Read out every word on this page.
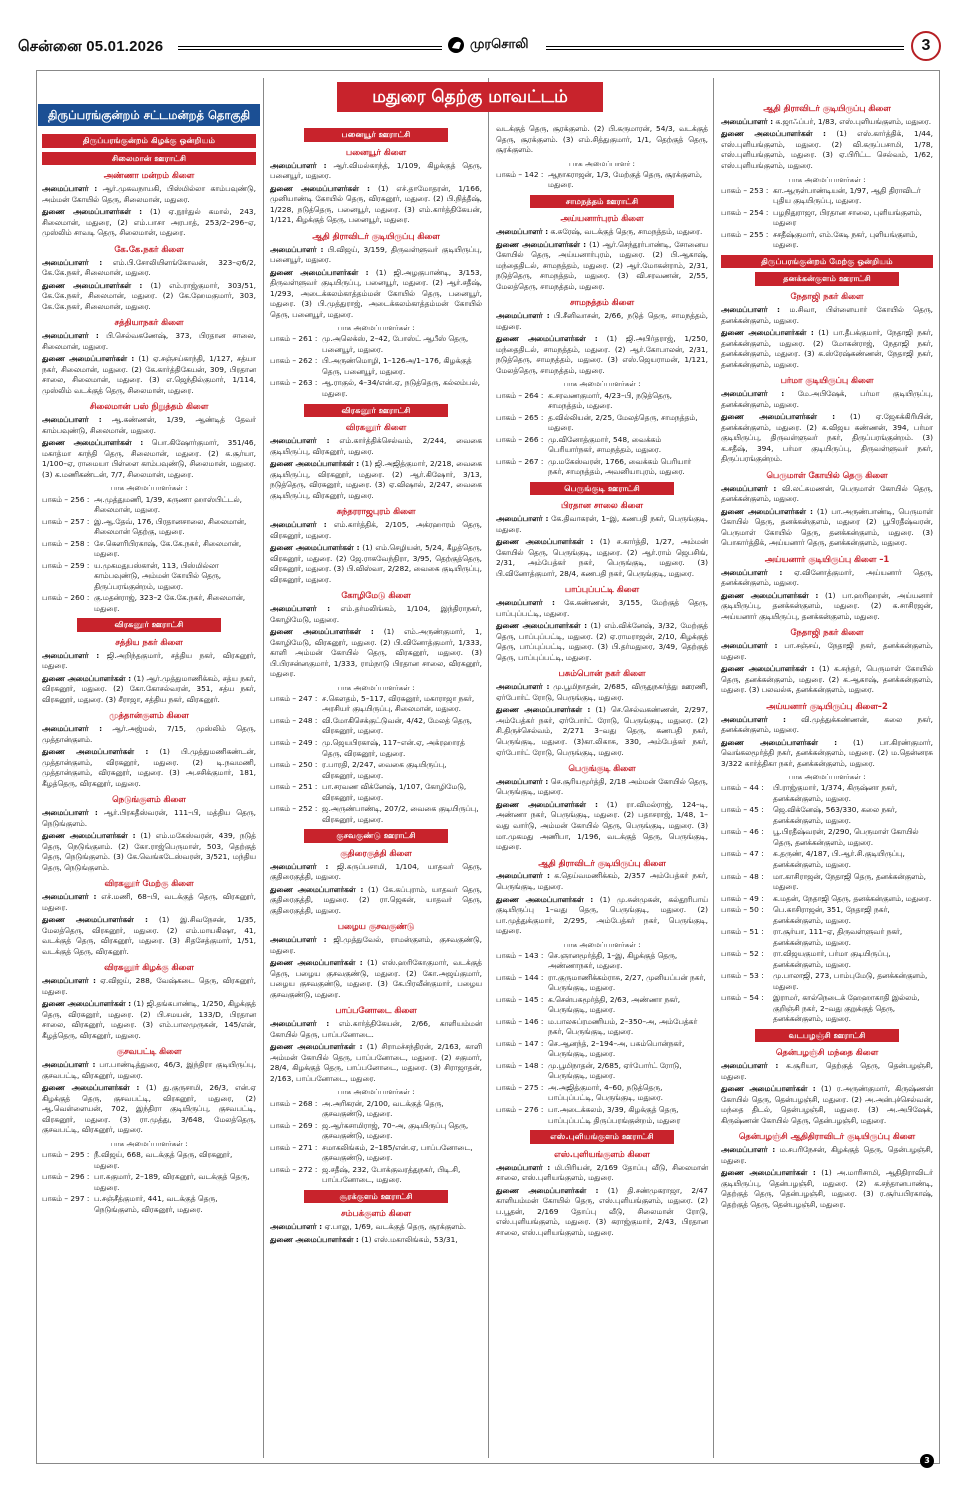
சென்னை 05.01.2026	முரசொலி	3
மதுரை தெற்கு மாவட்டம்
திருப்பரங்குன்றம் சட்டமன்றத் தொகுதி
திருப்பரங்குன்றம் கிழக்கு ஒன்றியம்
சிலைமான் ஊராட்சி
அண்ணா மன்றம் கிளை

அமைப்பாளர் : ஆர்.முகவநாயகி, பிஸ்மில்லா காம்பவுண்டு, அம்மன் கோயில் தெரு, சிலைமான், மதுரை.

துணை அமைப்பாளர்கள் : (1) ஏ.நூர்துல் கமால், 243, சிலைமான், மதுரை, (2) எம்.பாசா அரபாத், 253/2–296–ஏ, முஸ்லிம் சாவடி தெரு, சிலைமான், மதுரை.

கே.கே.நகர் கிளை

அமைப்பாளர் : எம்.பி.சோலியிளங்கோவன், 323–ஏ6/2, கே.கே.நகர், சிலைமான், மதுரை.

துணை அமைப்பாளர்கள் : (1) எம்.ராஜ்குமார், 303/51, கே.கே.நகர், சிலைமான், மதுரை. (2) கே.ஹேமகுமார், 303, கே.கே.நகர், சிலைமான், மதுரை.

சத்தியாநகர் கிளை

அமைப்பாளர் : பி.செல்வகணேஷ், 373, பிரதான சாலை, சிலைமான், மதுரை.

துணை அமைப்பாளர்கள் : (1) ஏ.சஞ்சய்காந்தி, 1/127, சத்யா நகர், சிலைமான், மதுரை. (2) கே.கார்த்திகேயன், 309, பிரதான சாலை, சிலைமான், மதுரை. (3) எ.ஜெந்தில்குமார், 1/114, முஸ்லிம் வடக்குத் தெரு, சிலைமான், மதுரை.

சிலைமான் பஸ் நிறுத்தம் கிளை

அமைப்பாளர் : ஆ.கண்ணன், 1/39, ஆண்டித் தேவர் காம்பவுண்டு, சிலைமான், மதுரை.

துணை அமைப்பாளர்கள் : பொ.கிஷோர்குமார், 351/46, மகாத்மா காந்தி தெரு, சிலைமான், மதுரை. (2) க.சூர்யா, 1/100–ஏ, ராமையா பிள்ளை காம்பவுண்டு, சிலைமான், மதுரை. (3) க.மணிகண்டன், 7/7, சிலைமான், மதுரை.

பாக அமைப்பாளர்கள் :
பாகம் – 256 : அ.முத்துமணி, 1/39, கருணா ஹாஸ்பிட்டல், சிலைமான், மதுரை.
பாகம் – 257 : இ.ஆ.தேவ், 176, பிரதானசாலை, சிலைமான், சிலைமான் தெற்கு, மதுரை.
பாகம் – 258 : சே.கௌரிபிரகாஷ், கே.கே.நகர், சிலைமான், மதுரை.
பாகம் – 259 : ய.முகமதுபஸ்கான், 113, பிஸ்மில்லா காம்பவுண்டு, அம்மன் கோயில் தெரு, திருப்பரங்குன்றம், மதுரை.
பாகம் – 260 : கு.மதன்ராஜ், 323–2 கே.கே.நகர், சிலைமான், மதுரை.
விரகனூர் ஊராட்சி
சத்திய நகர் கிளை

அமைப்பாளர் : ஜி.அறிந்தகுமார், சத்திய நகர், விரகனூர், மதுரை.

துணை அமைப்பாளர்கள் : (1) ஆர்.முத்துமாணிக்கம், சத்ய நகர், விரகனூர், மதுரை. (2) கோ.கோசல்வரன், 351, சத்ய நகர், விரகனூர், மதுரை. (3) சீராஜா, சத்திய நகர், விரகனூர்.

முத்தான்குளம் கிளை

அமைப்பாளர் : ஆர்.அஜ்மல், 7/15, முஸ்லிம் தெரு, முத்தான்குளம்.

துணை அமைப்பாளர்கள் : (1) பி.முத்துமணிகண்டன், முத்தான்குளம், விரகனூர், மதுரை. (2) டி.நவமணி, முத்தான்குளம், விரகனூர், மதுரை. (3) அ.சசிக்குமார், 181, கீழத்தெரு, விரகனூர், மதுரை.

நெடுங்குளம் கிளை

அமைப்பாளர் : ஆர்.பிரகதீஸ்வரன், 111–பி, மத்திய தெரு, நெடுங்குளம்.

துணை அமைப்பாளர்கள் : (1) எம்.மகேஸ்வரன், 439, நடுத் தெரு, நெடுங்குளம். (2) கோ.ராஜ்பெருமாள், 503, தெற்குத் தெரு, நெடுங்குளம். (3) கே.வெங்கடேஸ்வரன், 3/521, மந்திய தெரு, நெடுங்குளம்.

விரகனூர் மேற்கு கிளை

அமைப்பாளர் : எச்.மணி, 68–பி, வடக்குத் தெரு, விரகனூர், மதுரை.

துணை அமைப்பாளர்கள் : (1) இ.சிவநேசன், 1/35, மேலத்தெரு, விரகனூர், மதுரை. (2) எம்.மாயகிஷா, 41, வடக்குத் தெரு, விரகனூர், மதுரை. (3) சிதசேத்குமார், 1/51, வடக்குத் தெரு, விரகனூர்.

விரகனூர் கிழக்கு கிளை

அமைப்பாளர் : ஏ.விஜய், 288, வேஷ்கடை தெரு, விரகனூர், மதுரை.

துணை அமைப்பாளர்கள் : (1) ஜி.தங்கபாண்டி, 1/250, கிழக்குத் தெரு, விரகனூர், மதுரை. (2) பி.சமயன், 133/D, பிரதான சாலை, விரகனூர், மதுரை. (3) எம்.பாலமுருகன், 145/என், கீழத்தெரு, விரகனூர், மதுரை.

குசவபட்டி கிளை

அமைப்பாளர் : பா.பாண்டித்துரை, 46/3, இந்திரா குடியிருப்பு, குசவபட்டி, விரகனூர், மதுரை.

துணை அமைப்பாளர்கள் : (1) து.குருசாமி, 26/3, என்.ஏ கிழக்குத் தெரு, குசவபட்டி, விரகனூர், மதுரை, (2) ஆ.வெள்ளையன், 702, இந்திரா குடியிருப்பு, குசவபட்டி, விரகனூர், மதுரை. (3) ரா.முத்து, 3/648, மேலத்தெரு, குசவபட்டி, விரகனூர், மதுரை.

பாக அமைப்பாளர்கள் :
பாகம் – 295 : நீ.விஜய், 668, வடக்குத் தெரு, விரகனூர், மதுரை.
பாகம் – 296 : பா.சுகுமார், 2–189, விரகனூர், வடக்குத் தெரு, மதுரை.
பாகம் – 297 : ப.சஞ்சீத்குமார், 441, வடக்குத் தெரு, நெடுங்குளம், விரகனூர், மதுரை.
பனையூர் ஊராட்சி
பனையூர் கிளை

அமைப்பாளர் : ஆர்.விமல்காந்த், 1/109, கிழக்குத் தெரு, பனையூர், மதுரை.

துணை அமைப்பாளர்கள் : (1) எச்.தாமோதரன், 1/166, முனியாண்டி கோயில் தெரு, விரகனூர், மதுரை. (2) பி.நித்தீஷ், 1/228, நடுத்தெரு, பனையூர், மதுரை. (3) எம்.கார்த்திகேயன், 1/121, கிழக்குத் தெரு, பனையூர், மதுரை.

ஆதி திராவிடர் குடியிருப்பு கிளை

அமைப்பாளர் : பி.விஜய், 3/159, திருவள்ளுவர் குடியிருப்பு, பனையூர், மதுரை.

துணை அமைப்பாளர்கள் : (1) ஜி.அழகுபாண்டி, 3/153, திருவள்ளுவர் குடியிருப்பு, பனையூர், மதுரை. (2) ஆர்.சதீஷ், 1/293, அடைக்கலம்காத்தம்மன் கோயில் தெரு, பனையூர், மதுரை. (3) பி.முத்துராஜ், அடைக்கலம்காத்தம்மன் கோயில் தெரு, பனையூர், மதுரை.

பாக அமைப்பாளர்கள் :
பாகம் – 261 : மு.அலெக்ஸ், 2–42, போஸ்ட் ஆபீஸ் தெரு, பனையூர், மதுரை.
பாகம் – 262 : பி.அருண்மொழி, 1–126அ/1–176, கிழக்குத் தெரு, பனையூர், மதுரை.
பாகம் – 263 : ஆ.ராகுல், 4–34/என்.ஏ, நடுத்தெரு, கல்லம்பல், மதுரை.
விரகனூர் ஊராட்சி
விரகனூர் கிளை

அமைப்பாளர் : எம்.கார்த்திக்செல்வம், 2/244, வைகை குடியிருப்பு, விரகனூர், மதுரை.

துணை அமைப்பாளர்கள் : (1) ஜி.அஜித்குமார், 2/218, வைகை குடியிருப்பு, விரகனூர், மதுரை. (2) ஆர்.கிஷோர், 3/13, நடுத்தெரு, விரகனூர், மதுரை. (3) ஏ.விஷால், 2/247, வைகை குடியிருப்பு, விரகனூர், மதுரை.

சுந்தரராஜபுரம் கிளை

அமைப்பாளர் : எம்.கார்த்திக், 2/105, அக்ரஹாரம் தெரு, விரகனூர், மதுரை.

துணை அமைப்பாளர்கள் : (1) எம்.செழியன், 5/24, கீழத்தெரு, விரகனூர், மதுரை. (2) ஜே.ராகவேந்திரா, 3/95, தெற்குத்தெரு, விரகனூர், மதுரை. (3) பி.விஸ்வா, 2/282, வைகை குடியிருப்பு, விரகனூர், மதுரை.

கோழிமேடு கிளை

அமைப்பாளர் : எம்.தர்மலிங்கம், 1/104, இந்திராநகர், கோழிமேடு, மதுரை.

துணை அமைப்பாளர்கள் : (1) எம்.அருண்குமார், 1, கோழிமேடு, விரகனூர், மதுரை. (2) பி.வினோத்குமார், 1/333, காளி அம்மன் கோயில் தெரு, விரகனூர், மதுரை. (3) பி.பிரசன்னகுமார், 1/333, ராம்நாடு பிரதான சாலை, விரகனூர், மதுரை.

பாக அமைப்பாளர்கள் :
பாகம் – 247 : ச.கௌதம், 5–117, விரகனூர், மகாராஜா நகர், அரசியர் குடியிருப்பு, சிலைமான், மதுரை.
பாகம் – 248 : வி.மோகிசெக்குட்டுவன், 4/42, மேலத் தெரு, விரகனூர், மதுரை.
பாகம் – 249 : மு.ஜெயபிரகாஷ், 117–என்.ஏ, அக்ரஹாரத் தெரு, விரகனூர், மதுரை.
பாகம் – 250 : ர.பாரதி, 2/247, வைகை குடியிருப்பு, விரகனூர், மதுரை.
பாகம் – 251 : பா.சரவண விக்னேஷ், 1/107, கோழிமேடு, விரகனூர், மதுரை.
பாகம் – 252 : ஜ.அருண்பாண்டி, 207/2, வைகை குடியிருப்பு, விரகனூர், மதுரை.
குசவகுண்டு ஊராட்சி
குதிரைகுத்தி கிளை

அமைப்பாளர் : ஜி.கருப்பசாமி, 1/104, யாதவர் தெரு, குதிரைகுத்தி, மதுரை.

துணை அமைப்பாளர்கள் : (1) கே.கப்புராம், யாதவர் தெரு, குதிரைகுத்தி, மதுரை. (2) ரா.ஜெகன், யாதவர் தெரு, குதிரைகுத்தி, மதுரை.

பழைய குசவகுண்டு

அமைப்பாளர் : ஜி.முத்துவேல், ராமன்குளம், குசவகுண்டு, மதுரை.

துணை அமைப்பாளர்கள் : (1) எஸ்.ஹரிகோகுமார், வடக்குத் தெரு, பழைய குசவகுண்டு, மதுரை. (2) கோ.அஜய்குமார், பழைய குசவகுண்டு, மதுரை. (3) கே.பிரவீன்குமார், பழைய குசவகுண்டு, மதுரை.

பாப்பனோடை கிளை

அமைப்பாளர் : எம்.கார்த்திகேயன், 2/66, காளியம்மன் கோயில் தெரு, பாப்பனோடை.

துணை அமைப்பாளர்கள் : (1) சிராமச்சந்திரன், 2/163, காளி அம்மன் கோயில் தெரு, பாப்பனோடை, மதுரை. (2) சகுமார், 28/4, கிழக்குத் தெரு, பாப்பனோடை, மதுரை. (3) சிராஜாதன், 2/163, பாப்பனோடை, மதுரை.

பாக அமைப்பாளர்கள் :
பாகம் – 268 : அ.அரிகரன், 2/100, வடக்குத் தெரு, குசவகுண்டு, மதுரை.
பாகம் – 269 : ஜ.ஆர்கசாமிராஜ், 70–அ, குடியிருப்பு தெரு, குசவகுண்டு, மதுரை.
பாகம் – 271 : சமாகலிங்கம், 2–185/என்.ஏ, பாப்பனோடை, குசவகுண்டு, மதுரை.
பாகம் – 272 : ஜ.சதீஷ், 232, போக்குவரத்துநகர், பிடி.சி, பாப்பனோடை, மதுரை.
சூரக்குளம் ஊராட்சி
சம்பக்குளம் கிளை

அமைப்பாளர் : ஏ.பாலு, 1/69, வடக்குத் தெரு, சூரக்குளம்.

துணை அமைப்பாளர்கள் : (1) எஸ்.மகாலிங்கம், 53/31,

வடக்குத் தெரு, சூரக்குளம். (2) பி.கருமாரன், 54/3, வடக்குத் தெரு, சூரக்குளம். (3) எம்.சித்துகுமார், 1/1, தெற்குத் தெரு, சூரக்குளம்.

பாக அமைப்பாளர் :
பாகம் – 142 : ஆநாகராஜன், 1/3, மேற்குத் தெரு, சூரக்குளம், மதுரை.
சாமநத்தம் ஊராட்சி
அய்யனார்புரம் கிளை

அமைப்பாளர் : க.சுரேஷ், வடக்குத் தெரு, சாமநத்தம், மதுரை.

துணை அமைப்பாளர்கள் : (1) ஆர்.செந்தூர்பாண்டி, சோனைய கோயில் தெரு, அய்யனார்புரம், மதுரை. (2) பி.ஆகாஷ், மந்தைதிடல், சாமநத்தம், மதுரை. (2) ஆர்.மோகன்ராம், 2/31, நடுத்தெரு, சாமநத்தம், மதுரை. (3) வி.சரவணன், 2/55, மேலத்தெரு, சாமநத்தம், மதுரை.

சாமநத்தம் கிளை

அமைப்பாளர் : பி.சீனிவாசன், 2/66, நடுத் தெரு, சாமநத்தம், மதுரை.

துணை அமைப்பாளர்கள் : (1) ஜி.அபிர்தராஜ், 1/250, மந்தைதிடல், சாமநத்தம், மதுரை. (2) ஆர்.கோபாலன், 2/31, நடுத்தெரு, சாமநத்தம், மதுரை. (3) எஸ்.ஜெயராமன், 1/121, மேலத்தெரு, சாமநத்தம், மதுரை.

பாக அமைப்பாளர்கள் :
பாகம் – 264 : க.சரவணகுமார், 4/23–பி, நடுத்தெரு, சாமநத்தம், மதுரை.
பாகம் – 265 : த.வில்லியன், 2/25, மேலத்தெரு, சாமநத்தம், மதுரை.
பாகம் – 266 : மு.வினோத்குமார், 548, வைக்கம் பெரியார்நகர், சாமநத்தம், மதுரை.
பாகம் – 267 : மு.மகேஸ்வரன், 1766, வைக்கம் பெரியார் நகர், சாமநத்தம், அவனியாபுரம், மதுரை.
பெருங்குடி ஊராட்சி
பிரதான சாலை கிளை

அமைப்பாளர் : கே.திவாகரன், 1–இ, கணபதி நகர், பெருங்குடி, மதுரை.

துணை அமைப்பாளர்கள் : (1) ச.கார்த்தி, 1/27, அம்மன் கோயில் தெரு, பெருங்குடி, மதுரை. (2) ஆர்.ராம் ஜெபசிங், 2/31, அம்பேத்கர் நகர், பெருங்குடி, மதுரை. (3) பி.வினோத்குமார், 28/4, கணபதி நகர், பெருங்குடி, மதுரை.

பாப்புப்பட்டி கிளை

அமைப்பாளர் : கே.கண்ணன், 3/155, மேற்குத் தெரு, பாப்புப்பட்டி, மதுரை.

துணை அமைப்பாளர்கள் : (1) எம்.விக்னேஷ், 3/32, மேற்குத் தெரு, பாப்புப்பட்டி, மதுரை. (2) ஏ.ராமராஜன், 2/10, கிழக்குத் தெரு, பாப்புப்பட்டி, மதுரை. (3) பி.தர்மதுரை, 3/49, தெற்குத் தெரு, பாப்புப்பட்டி, மதுரை.

பசும்பொன் நகர் கிளை

அமைப்பாளர் : மு.பூமிநாதன், 2/685, விருதுநகர்த்து ஊரணி, ஏர்போர்ட் ரோடு, பெருங்குடி, மதுரை.

துணை அமைப்பாளர்கள் : (1) செ.செல்வகண்ணன், 2/297, அம்பேத்கர் நகர், ஏர்போர்ட் ரோடு, பெருங்குடி, மதுரை. (2) சி.திருச்செல்வம், 2/271 3–வது தெரு, கணபதி நகர், பெருங்குடி, மதுரை. (3)கா.லிகாசு, 330, அம்பேத்கர் நகர், ஏர்போர்ட் ரோடு, பெருங்குடி, மதுரை.

பெருங்குடி கிளை

அமைப்பாளர் : செ.சூரியமூர்த்தி, 2/18 அம்மன் கோயில் தெரு, பெருங்குடி, மதுரை.

துணை அமைப்பாளர்கள் : (1) ரா.விமல்ராஜ், 124–டி, அண்ணா நகர், பெருங்குடி, மதுரை. (2) பதாசராஜ், 1/48, 1–வது வார்டு, அம்மன் கோயில் தெரு, பெருங்குடி, மதுரை. (3) மா.முகமது அணிபா, 1/196, வடக்குத் தெரு, பெருங்குடி, மதுரை.

ஆதி திராவிடர் குடியிருப்பு கிளை

அமைப்பாளர் : க.தெய்வமணிக்கம், 2/357 அம்பேத்கர் நகர், பெருங்குடி, மதுரை.

துணை அமைப்பாளர்கள் : (1) மு.சுன்முகன், கல்தூரிபாய் குடியிருப்பு 1–வது தெரு, பெருங்குடி, மதுரை. (2) பா.முத்துக்குமார், 2/295, அம்பேத்கர் நகர், பெருங்குடி, மதுரை.

பாக அமைப்பாளர்கள் :
பாகம் – 143 : செ.ஞானமூர்த்தி, 1–இ, கிழக்குத் தெரு, அண்ணாநகர், மதுரை.
பாகம் – 144 : ரா.குருமாணிக்கம்ராசு, 2/27, முனியப்பன் நகர், பெருங்குடி, மதுரை.
பாகம் – 145 : க.சென்பகமூர்த்தி, 2/63, அண்ணா நகர், பெருங்குடி, மதுரை.
பாகம் – 146 : ம.பாலசுப்ரமணியம், 2–350–அ, அம்பேத்கர் நகர், பெருங்குடி, மதுரை.
பாகம் – 147 : செ.ஆனந்த், 2–194–அ, பசும்பொன்நகர், பெருங்குடி, மதுரை.
பாகம் – 148 : மு.பூமிநாதன், 2/685, ஏர்போர்ட் ரோடு, பெருங்குடி, மதுரை.
பாகம் – 275 : அ.அஜித்குமார், 4–60, நடுத்தெரு, பாப்புப்பட்டி, பெருங்குடி, மதுரை.
பாகம் – 276 : பா.அடைக்கலம், 3/39, கிழக்குத் தெரு, பாப்புப்பட்டி திருப்பரங்குன்றம், மதுரை
எஸ்.புளியங்குளம் ஊராட்சி
எஸ்.புளியங்குளம் கிளை

அமைப்பாளர் : மி.பிரியன், 2/169 தோப்பு வீடு, சிலைமான் சாலை, எஸ்.புளியங்குளம், மதுரை.

துணை அமைப்பாளர்கள் : (1) தி.சண்முகராஜா, 2/47 காளியம்மன் கோயில் தெரு, எஸ்.புளியங்குளம், மதுரை. (2) ப.பூதன், 2/169 தோப்பு வீடு, சிலைமான் ரோடு, எஸ்.புளியங்குளம், மதுரை. (3) கராஜ்குமார், 2/43, பிரதான சாலை, எஸ்.புளியங்குளம், மதுரை.

ஆதி திராவிடர் குடியிருப்பு கிளை

அமைப்பாளர் : க.ஜாஃப்பர், 1/83, எஸ்.புளியங்குளம், மதுரை.

துணை அமைப்பாளர்கள் : (1) எஸ்.கார்த்திக், 1/44, எஸ்.புளியங்குளம், மதுரை. (2) வி.கருப்பசாமி, 1/78, எஸ்.புளியங்குளம், மதுரை. (3) ஏ.பிரிட்ட செல்வம், 1/62, எஸ்.புளியங்குளம், மதுரை.

பாக அமைப்பாளர்கள் :
பாகம் – 253 : கா.ஆருள்பாண்டியன், 1/97, ஆதி திராவிடர் புதிய குடியிருப்பு, மதுரை.
பாகம் – 254 : பழநிதுராஜா, பிரதான சாலை, புளியங்குளம், மதுரை
பாகம் – 255 : சசதீஷ்குமார், எம்.கேடி நகர், புளியங்குளம், மதுரை.
திருப்பரங்குன்றம் மேற்கு ஒன்றியம்
தனக்கன்குளம் ஊராட்சி
நேதாஜி நகர் கிளை

அமைப்பாளர் : ம.சிவா, பிள்ளையார் கோயில் தெரு, தனக்கன்குளம், மதுரை.

துணை அமைப்பாளர்கள் : (1) பா.தீபக்குமார், நேதாஜி நகர், தனக்கன்குளம், மதுரை. (2) மோகன்ராஜ், நேதாஜி நகர், தனக்கன்குளம், மதுரை. (3) க.ஸ்ரேஷ்கண்ணன், நேதாஜி நகர், தனக்கன்குளம், மதுரை.

பர்மா குடியிருப்பு கிளை

அமைப்பாளர் : மே.அபிஷேக், பர்மா குடியிருப்பு, தனக்கன்குளம், மதுரை.

துணை அமைப்பாளர்கள் : (1) ஏ.ஜேசுக்கிரியின், தனக்கன்குளம், மதுரை. (2) க.விஜய கண்ணன், 394, பர்மா குடியிருப்பு, திருவள்ளுவர் நகர், திருப்பரங்குன்றம். (3) க.சதீஷ், 394, பர்மா குடியிருப்பு, திருவள்ளுவர் நகர், திருப்பரங்குன்றம்.

பெருமாள் கோயில் தெரு கிளை

அமைப்பாளர் : வி.லட்சுமணன், பெருமாள் கோயில் தெரு, தனக்கன்குளம், மதுரை.

துணை அமைப்பாளர்கள் : (1) பா.அருண்பாண்டி, பெருமாள் கோயில் தெரு, தனக்கன்குளம், மதுரை (2) பூபிரதீஷ்வரன், பெருமாள் கோயில் தெரு, தனக்கன்குளம், மதுரை. (3) பொகார்த்திக், அய்யனார் தெரு, தனக்கன்குளம், மதுரை.

அய்யனார் குடியிருப்பு கிளை –1

அமைப்பாளர் : ஏ.வினோத்குமார், அய்யனார் தெரு, தனக்கன்குளம், மதுரை.

துணை அமைப்பாளர்கள் : (1) பா.ஹரிஹரன், அய்யனார் குடியிருப்பு, தனக்கன்குளம், மதுரை. (2) க.சாசிரஜன், அய்யனார் குடியிருப்பு, தனக்கன்குளம், மதுரை.

நேதாஜி நகர் கிளை

அமைப்பாளர் : பா.சஞ்சய், நேதாஜி நகர், தனக்கன்குளம், மதுரை.

துணை அமைப்பாளர்கள் : (1) க.சுந்தர், பெருமாள் கோயில் தெரு, தனக்கன்குளம், மதுரை. (2) க.ஆகாஷ், தனக்கன்குளம், மதுரை. (3) பலவல்சு, தனக்கன்குளம், மதுரை.

அய்யனார் குடியிருப்பு கிளை–2

அமைப்பாளர் : வி.முத்துக்கண்ணன், கலை நகர், தனக்கன்குளம், மதுரை.

துணை அமைப்பாளர்கள் : (1) பா.கிரண்குமார், வெங்கலமூர்த்தி நகர், தனக்கன்குளம், மதுரை. (2) ம.தென்னரசு 3/322 கார்த்திகா நகர், தனக்கன்குளம், மதுரை.

பாக அமைப்பாளர்கள் :
பாகம் – 44 :	பி.ராஜ்குமார், 1/374, கிருஷ்னா நகர், தனக்கன்குளம், மதுரை.
பாகம் – 45 :	ஜெ.விக்னேஷ், 563/330, கலை நகர், தனக்கன்குளம், மதுரை.
பாகம் – 46 :	பூ.பிரதீஷ்வரன், 2/290, பெருமாள் கோயில் தெரு, தனக்கன்குளம், மதுரை.
பாகம் – 47 :	சு.தருண், 4/187, பி.ஆர்.சி.குடியிருப்பு, தனக்கன்குளம், மதுரை.
பாகம் – 48 :	மா.காசிராஜன், நேதாஜி தெரு, தனக்கன்குளம், மதுரை.
பாகம் – 49 :	க.மதன், நேதாஜி தெரு, தனக்கன்குளம், மதுரை.
பாகம் – 50 :	பெ.காசிராஜன், 351, நேதாஜி நகர், தனக்கன்குளம், மதுரை.
பாகம் – 51 :	ரா.சூர்யா, 111–ஏ, திருவள்ளுவர் நகர், தனக்கன்குளம், மதுரை.
பாகம் – 52 :	ரா.விஜயகுமார், பர்மா குடியிருப்பு, தனக்கன்குளம், மதுரை.
பாகம் – 53 :	மு.பாலாஜி, 273, பாம்புமேடு, தனக்கன்குளம், மதுரை.
பாகம் – 54 :	இராமர், கால்நெடைக் ஹேஹாகாதி இல்லம், குறிஞ்சி நகர், 2–வது குறுக்குத் தெரு, தனக்கன்குளம், மதுரை.
வடபழஞ்சி ஊராட்சி
தென்பழஞ்சி மந்தை கிளை

அமைப்பாளர் : க.சூரியா, தெற்குத் தெரு, தென்பழஞ்சி, மதுரை.

துணை அமைப்பாளர்கள் : (1) ர.அருண்குமார், கிருஷ்ணன் கோயில் தெரு, தென்பழஞ்சி, மதுரை. (2) அ.அன்புச்செல்வன், மந்தை திடல், தென்பழஞ்சி, மதுரை. (3) அ.அபிஷேக், கிருஷ்ணன் கோயில் தெரு, தென்பழஞ்சி, மதுரை.

தென்பழஞ்சி ஆதிதிராவிடர் குடியிருப்பு கிளை

அமைப்பாளர் : ம.சபரிநேசன், கிழக்குத் தெரு, தென்பழஞ்சி, மதுரை.

துணை அமைப்பாளர்கள் : (1) அ.மாரிசாமி, ஆதிதிராவிடர் குடியிருப்பு, தென்பழஞ்சி, மதுரை. (2) க.சந்தானபாண்டி, தெற்குத் தெரு, தென்பழஞ்சி, மதுரை. (3) ர.சூர்யபிரகாஷ், தெற்குத் தெரு, தென்பழஞ்சி, மதுரை.

3
